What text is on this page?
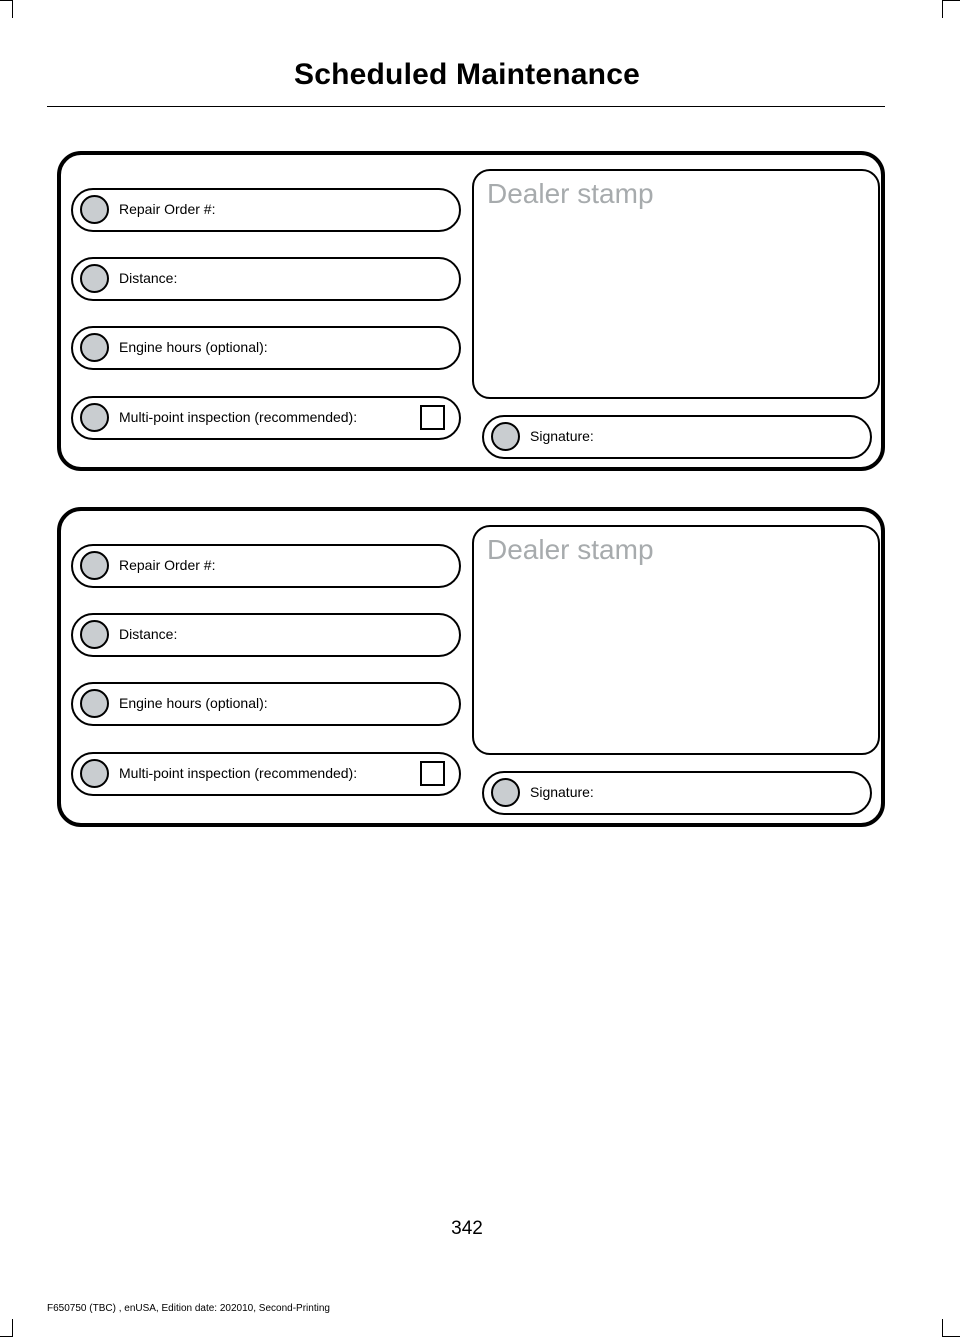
Scheduled Maintenance
Repair Order #:
Distance:
Engine hours (optional):
Multi-point inspection (recommended):
Dealer stamp
Signature:
Repair Order #:
Distance:
Engine hours (optional):
Multi-point inspection (recommended):
Dealer stamp
Signature:
342
F650750 (TBC) , enUSA, Edition date: 202010, Second-Printing
